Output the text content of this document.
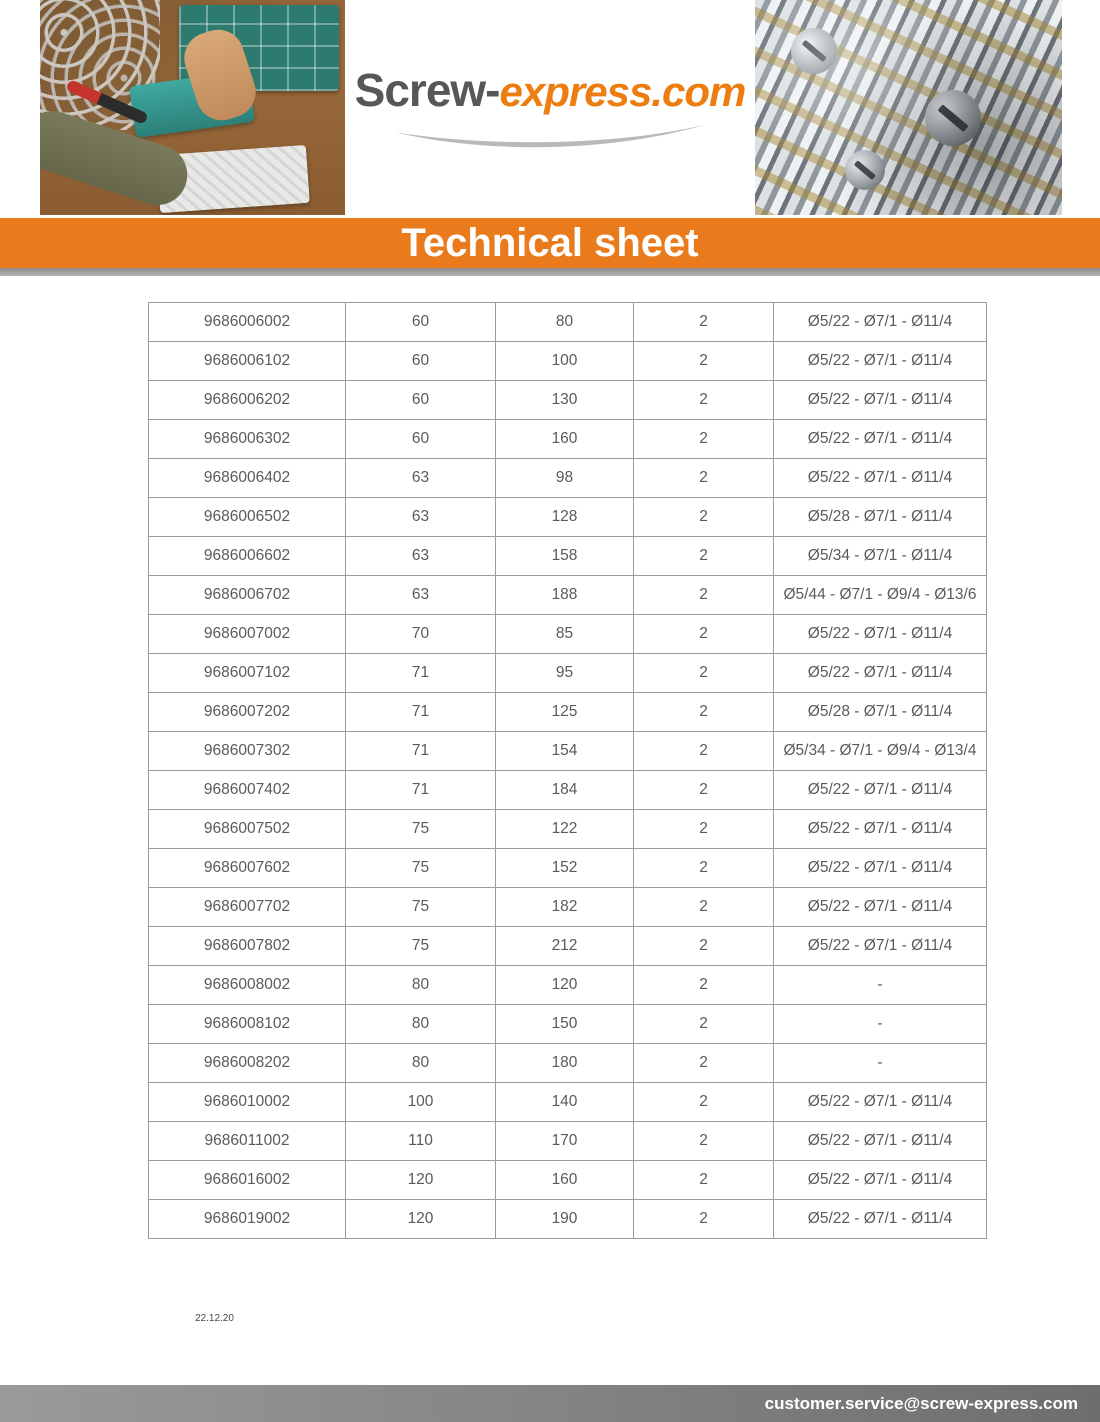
Screw-express.com
Technical sheet
9686006002	60	80	2	Ø5/22 - Ø7/1 - Ø11/4
9686006102	60	100	2	Ø5/22 - Ø7/1 - Ø11/4
9686006202	60	130	2	Ø5/22 - Ø7/1 - Ø11/4
9686006302	60	160	2	Ø5/22 - Ø7/1 - Ø11/4
9686006402	63	98	2	Ø5/22 - Ø7/1 - Ø11/4
9686006502	63	128	2	Ø5/28 - Ø7/1 - Ø11/4
9686006602	63	158	2	Ø5/34 - Ø7/1 - Ø11/4
9686006702	63	188	2	Ø5/44 - Ø7/1 - Ø9/4 - Ø13/6
9686007002	70	85	2	Ø5/22 - Ø7/1 - Ø11/4
9686007102	71	95	2	Ø5/22 - Ø7/1 - Ø11/4
9686007202	71	125	2	Ø5/28 - Ø7/1 - Ø11/4
9686007302	71	154	2	Ø5/34 - Ø7/1 - Ø9/4 - Ø13/4
9686007402	71	184	2	Ø5/22 - Ø7/1 - Ø11/4
9686007502	75	122	2	Ø5/22 - Ø7/1 - Ø11/4
9686007602	75	152	2	Ø5/22 - Ø7/1 - Ø11/4
9686007702	75	182	2	Ø5/22 - Ø7/1 - Ø11/4
9686007802	75	212	2	Ø5/22 - Ø7/1 - Ø11/4
9686008002	80	120	2	-
9686008102	80	150	2	-
9686008202	80	180	2	-
9686010002	100	140	2	Ø5/22 - Ø7/1 - Ø11/4
9686011002	110	170	2	Ø5/22 - Ø7/1 - Ø11/4
9686016002	120	160	2	Ø5/22 - Ø7/1 - Ø11/4
9686019002	120	190	2	Ø5/22 - Ø7/1 - Ø11/4
22.12.20
customer.service@screw-express.com
